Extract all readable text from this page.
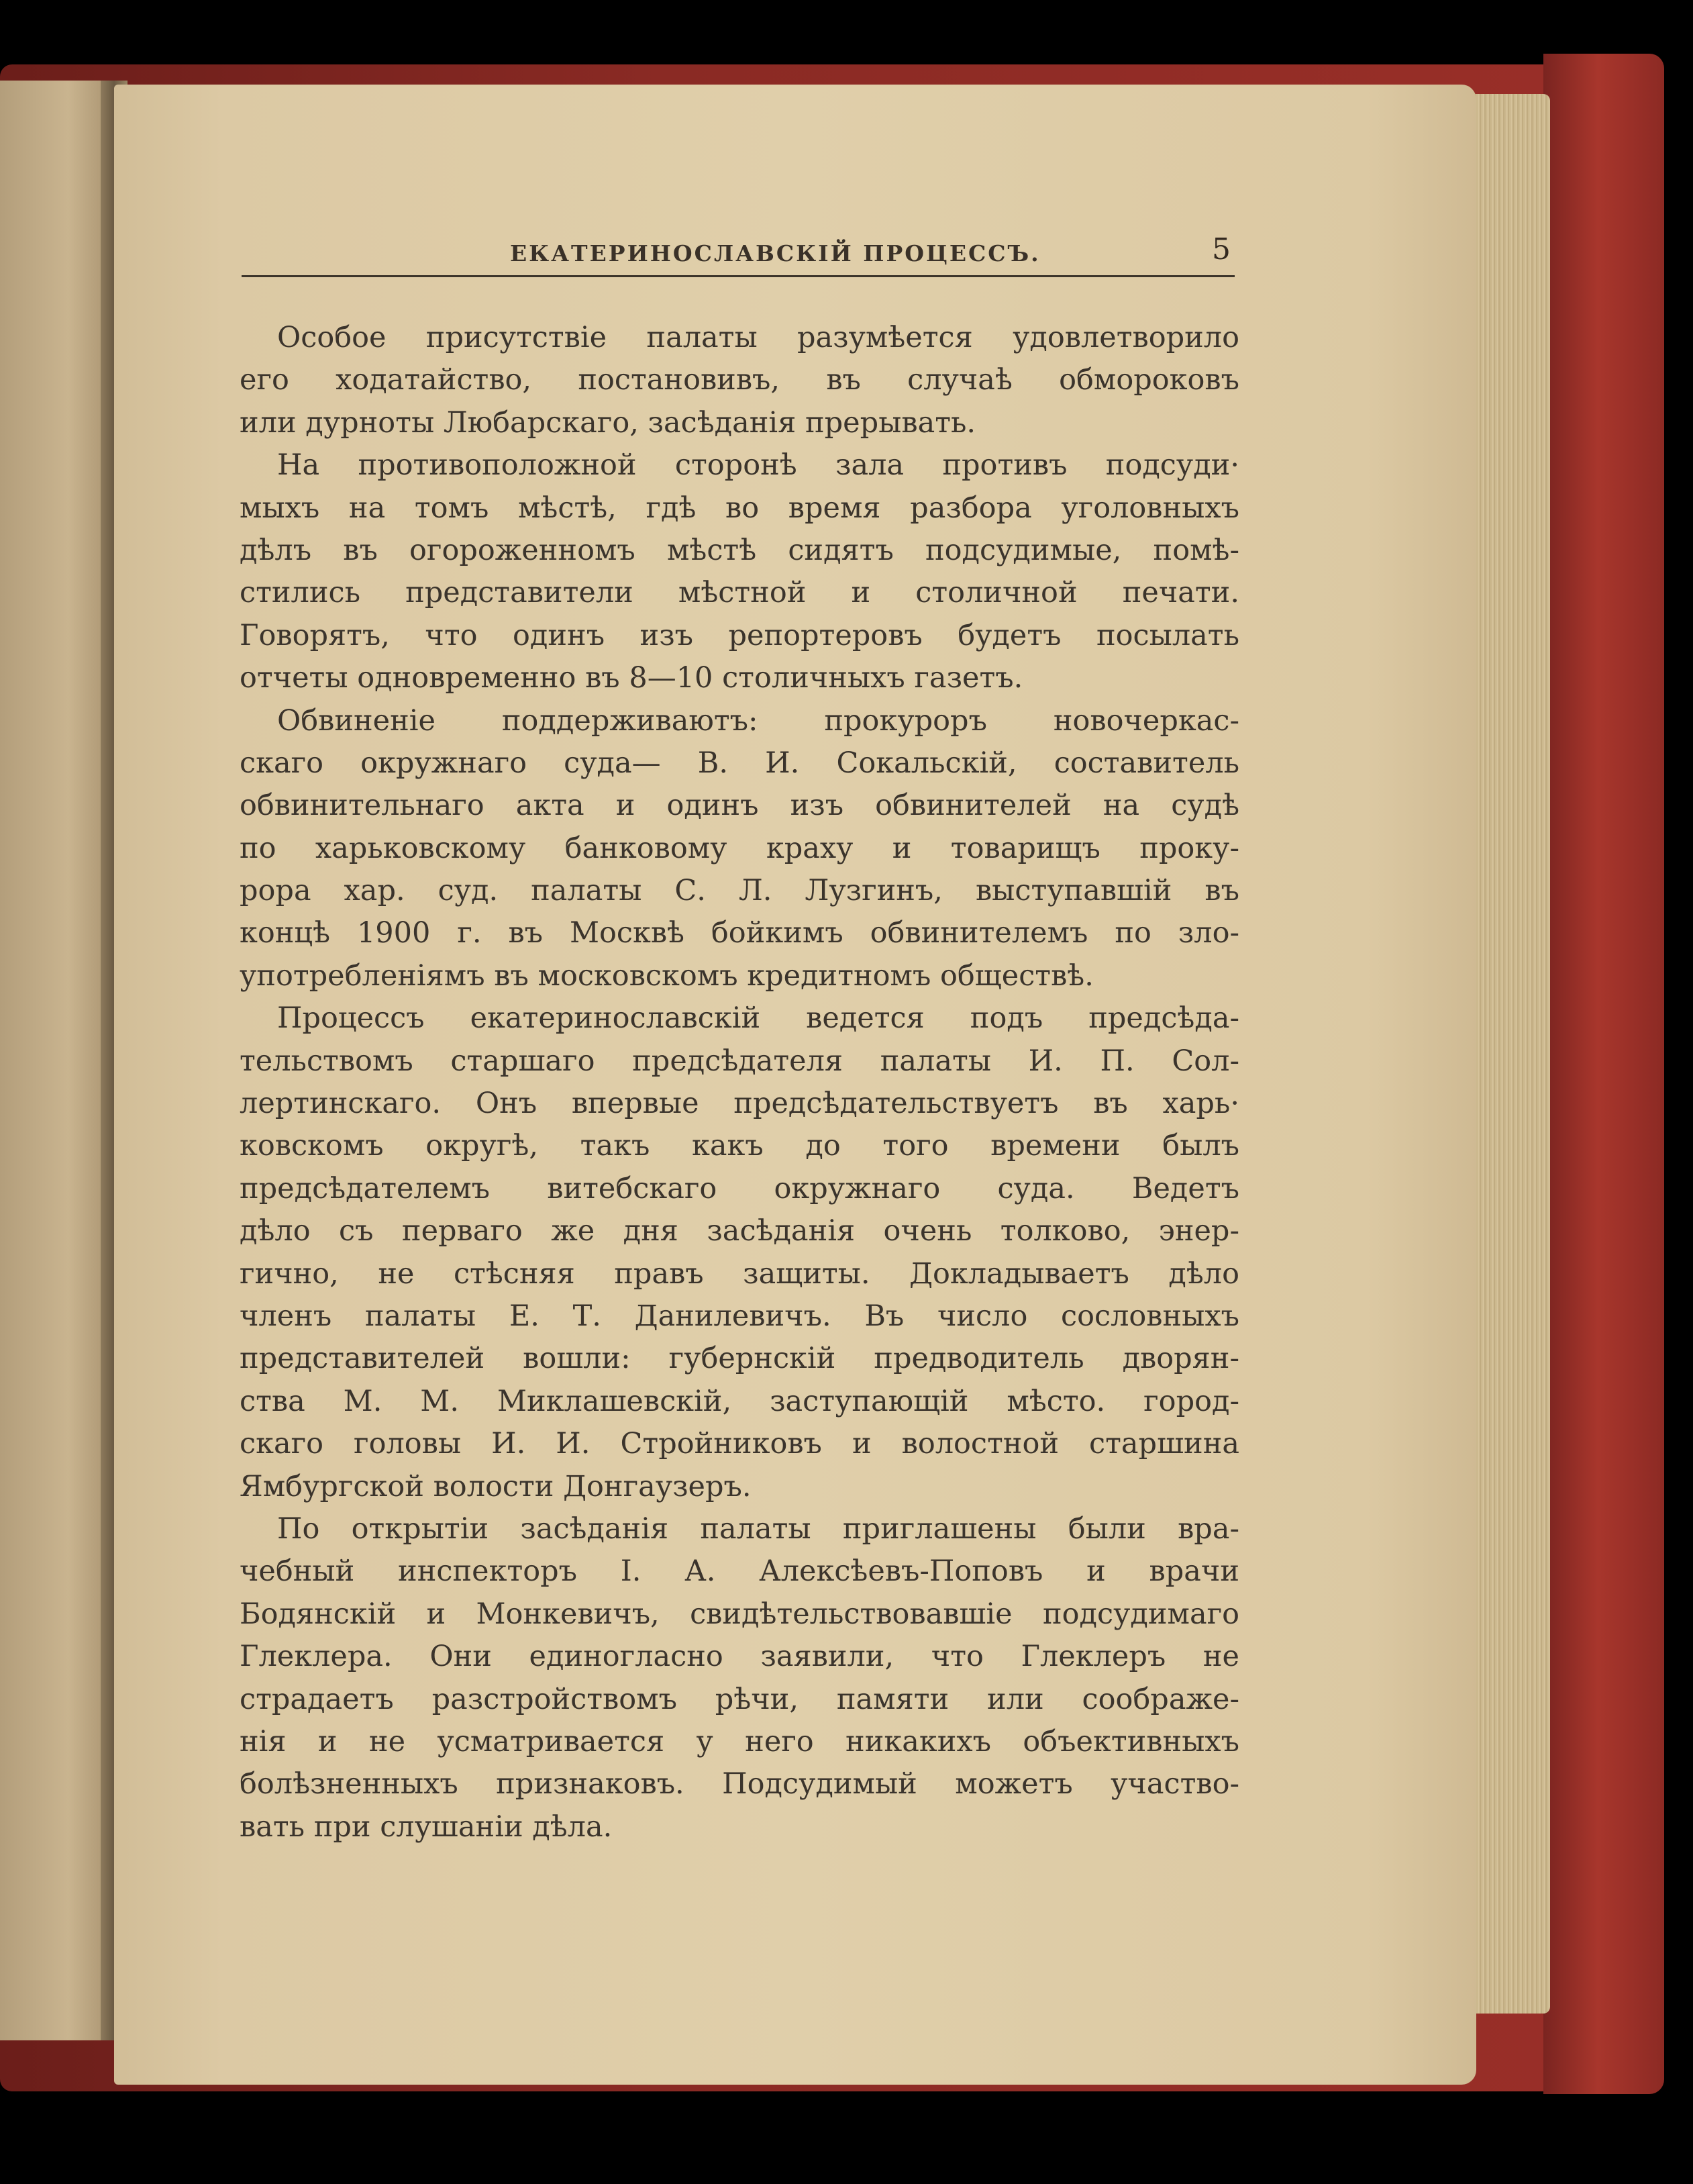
ЕКАТЕРИНОСЛАВСКІЙ ПРОЦЕССЪ.	5
Особое присутствіе палаты разумѣется удовлетворило
его ходатайство, постановивъ, въ случаѣ обмороковъ
или дурноты Любарскаго, засѣданія прерывать.
На противоположной сторонѣ зала противъ подсуди·
мыхъ на томъ мѣстѣ, гдѣ во время разбора уголовныхъ
дѣлъ въ огороженномъ мѣстѣ сидятъ подсудимые, помѣ-
стились представители мѣстной и столичной печати.
Говорятъ, что одинъ изъ репортеровъ будетъ посылать
отчеты одновременно въ 8—10 столичныхъ газетъ.
Обвиненіе поддерживаютъ: прокуроръ новочеркас-
скаго окружнаго суда— В. И. Сокальскій, составитель
обвинительнаго акта и одинъ изъ обвинителей на судѣ
по харьковскому банковому краху и товарищъ проку-
рора хар. суд. палаты С. Л. Лузгинъ, выступавшій въ
концѣ 1900 г. въ Москвѣ бойкимъ обвинителемъ по зло-
употребленіямъ въ московскомъ кредитномъ обществѣ.
Процессъ екатеринославскій ведется подъ предсѣда-
тельствомъ старшаго предсѣдателя палаты И. П. Сол-
лертинскаго. Онъ впервые предсѣдательствуетъ въ харь·
ковскомъ округѣ, такъ какъ до того времени былъ
предсѣдателемъ витебскаго окружнаго суда. Ведетъ
дѣло съ перваго же дня засѣданія очень толково, энер-
гично, не стѣсняя правъ защиты. Докладываетъ дѣло
членъ палаты Е. Т. Данилевичъ. Въ число сословныхъ
представителей вошли: губернскій предводитель дворян-
ства М. М. Миклашевскій, заступающій мѣсто. город-
скаго головы И. И. Стройниковъ и волостной старшина
Ямбургской волости Донгаузеръ.
По открытіи засѣданія палаты приглашены были вра-
чебный инспекторъ І. А. Алексѣевъ-Поповъ и врачи
Бодянскій и Монкевичъ, свидѣтельствовавшіе подсудимаго
Глеклера. Они единогласно заявили, что Глеклеръ не
страдаетъ разстройствомъ рѣчи, памяти или соображе-
нія и не усматривается у него никакихъ объективныхъ
болѣзненныхъ признаковъ. Подсудимый можетъ участво-
вать при слушаніи дѣла.
